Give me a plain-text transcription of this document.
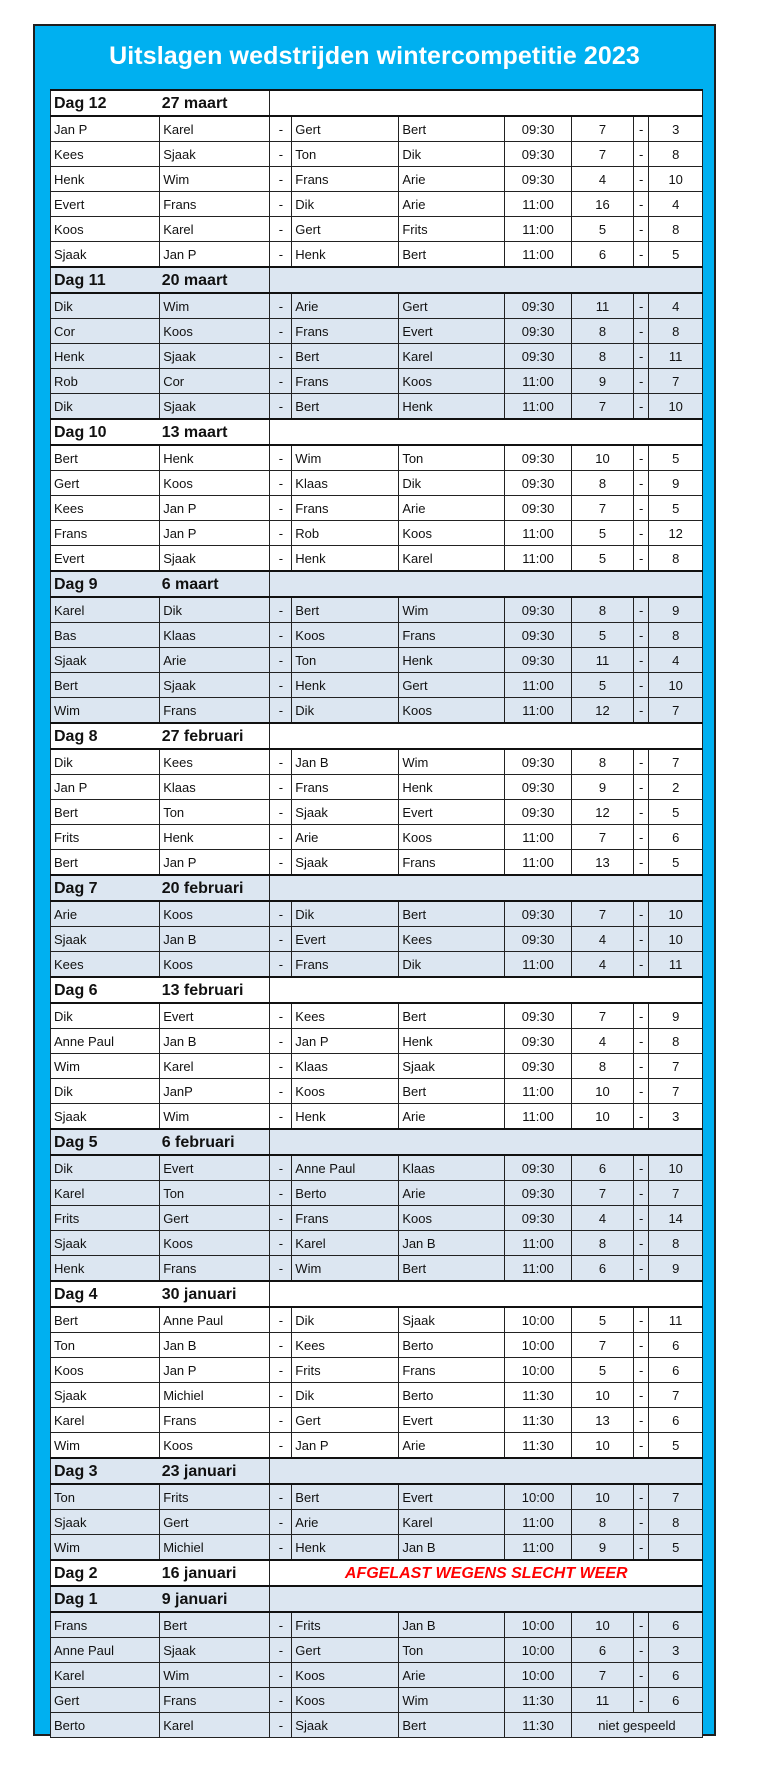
Uitslagen wedstrijden wintercompetitie 2023
Dag 12	27 maart							
Jan P	Karel	-	Gert	Bert	09:30	7	-	3
Kees	Sjaak	-	Ton	Dik	09:30	7	-	8
Henk	Wim	-	Frans	Arie	09:30	4	-	10
Evert	Frans	-	Dik	Arie	11:00	16	-	4
Koos	Karel	-	Gert	Frits	11:00	5	-	8
Sjaak	Jan P	-	Henk	Bert	11:00	6	-	5
Dag 11	20 maart							
Dik	Wim	-	Arie	Gert	09:30	11	-	4
Cor	Koos	-	Frans	Evert	09:30	8	-	8
Henk	Sjaak	-	Bert	Karel	09:30	8	-	11
Rob	Cor	-	Frans	Koos	11:00	9	-	7
Dik	Sjaak	-	Bert	Henk	11:00	7	-	10
Dag 10	13 maart							
Bert	Henk	-	Wim	Ton	09:30	10	-	5
Gert	Koos	-	Klaas	Dik	09:30	8	-	9
Kees	Jan P	-	Frans	Arie	09:30	7	-	5
Frans	Jan P	-	Rob	Koos	11:00	5	-	12
Evert	Sjaak	-	Henk	Karel	11:00	5	-	8
Dag 9	6 maart							
Karel	Dik	-	Bert	Wim	09:30	8	-	9
Bas	Klaas	-	Koos	Frans	09:30	5	-	8
Sjaak	Arie	-	Ton	Henk	09:30	11	-	4
Bert	Sjaak	-	Henk	Gert	11:00	5	-	10
Wim	Frans	-	Dik	Koos	11:00	12	-	7
Dag 8	27 februari							
Dik	Kees	-	Jan B	Wim	09:30	8	-	7
Jan P	Klaas	-	Frans	Henk	09:30	9	-	2
Bert	Ton	-	Sjaak	Evert	09:30	12	-	5
Frits	Henk	-	Arie	Koos	11:00	7	-	6
Bert	Jan P	-	Sjaak	Frans	11:00	13	-	5
Dag 7	20 februari							
Arie	Koos	-	Dik	Bert	09:30	7	-	10
Sjaak	Jan B	-	Evert	Kees	09:30	4	-	10
Kees	Koos	-	Frans	Dik	11:00	4	-	11
Dag 6	13 februari							
Dik	Evert	-	Kees	Bert	09:30	7	-	9
Anne Paul	Jan B	-	Jan P	Henk	09:30	4	-	8
Wim	Karel	-	Klaas	Sjaak	09:30	8	-	7
Dik	JanP	-	Koos	Bert	11:00	10	-	7
Sjaak	Wim	-	Henk	Arie	11:00	10	-	3
Dag 5	6 februari							
Dik	Evert	-	Anne Paul	Klaas	09:30	6	-	10
Karel	Ton	-	Berto	Arie	09:30	7	-	7
Frits	Gert	-	Frans	Koos	09:30	4	-	14
Sjaak	Koos	-	Karel	Jan B	11:00	8	-	8
Henk	Frans	-	Wim	Bert	11:00	6	-	9
Dag 4	30 januari							
Bert	Anne Paul	-	Dik	Sjaak	10:00	5	-	11
Ton	Jan B	-	Kees	Berto	10:00	7	-	6
Koos	Jan P	-	Frits	Frans	10:00	5	-	6
Sjaak	Michiel	-	Dik	Berto	11:30	10	-	7
Karel	Frans	-	Gert	Evert	11:30	13	-	6
Wim	Koos	-	Jan P	Arie	11:30	10	-	5
Dag 3	23 januari							
Ton	Frits	-	Bert	Evert	10:00	10	-	7
Sjaak	Gert	-	Arie	Karel	11:00	8	-	8
Wim	Michiel	-	Henk	Jan B	11:00	9	-	5
Dag 2	16 januari	AFGELAST WEGENS SLECHT WEER						
Dag 1	9 januari							
Frans	Bert	-	Frits	Jan B	10:00	10	-	6
Anne Paul	Sjaak	-	Gert	Ton	10:00	6	-	3
Karel	Wim	-	Koos	Arie	10:00	7	-	6
Gert	Frans	-	Koos	Wim	11:30	11	-	6
Berto	Karel	-	Sjaak	Bert	11:30	niet gespeeld		
